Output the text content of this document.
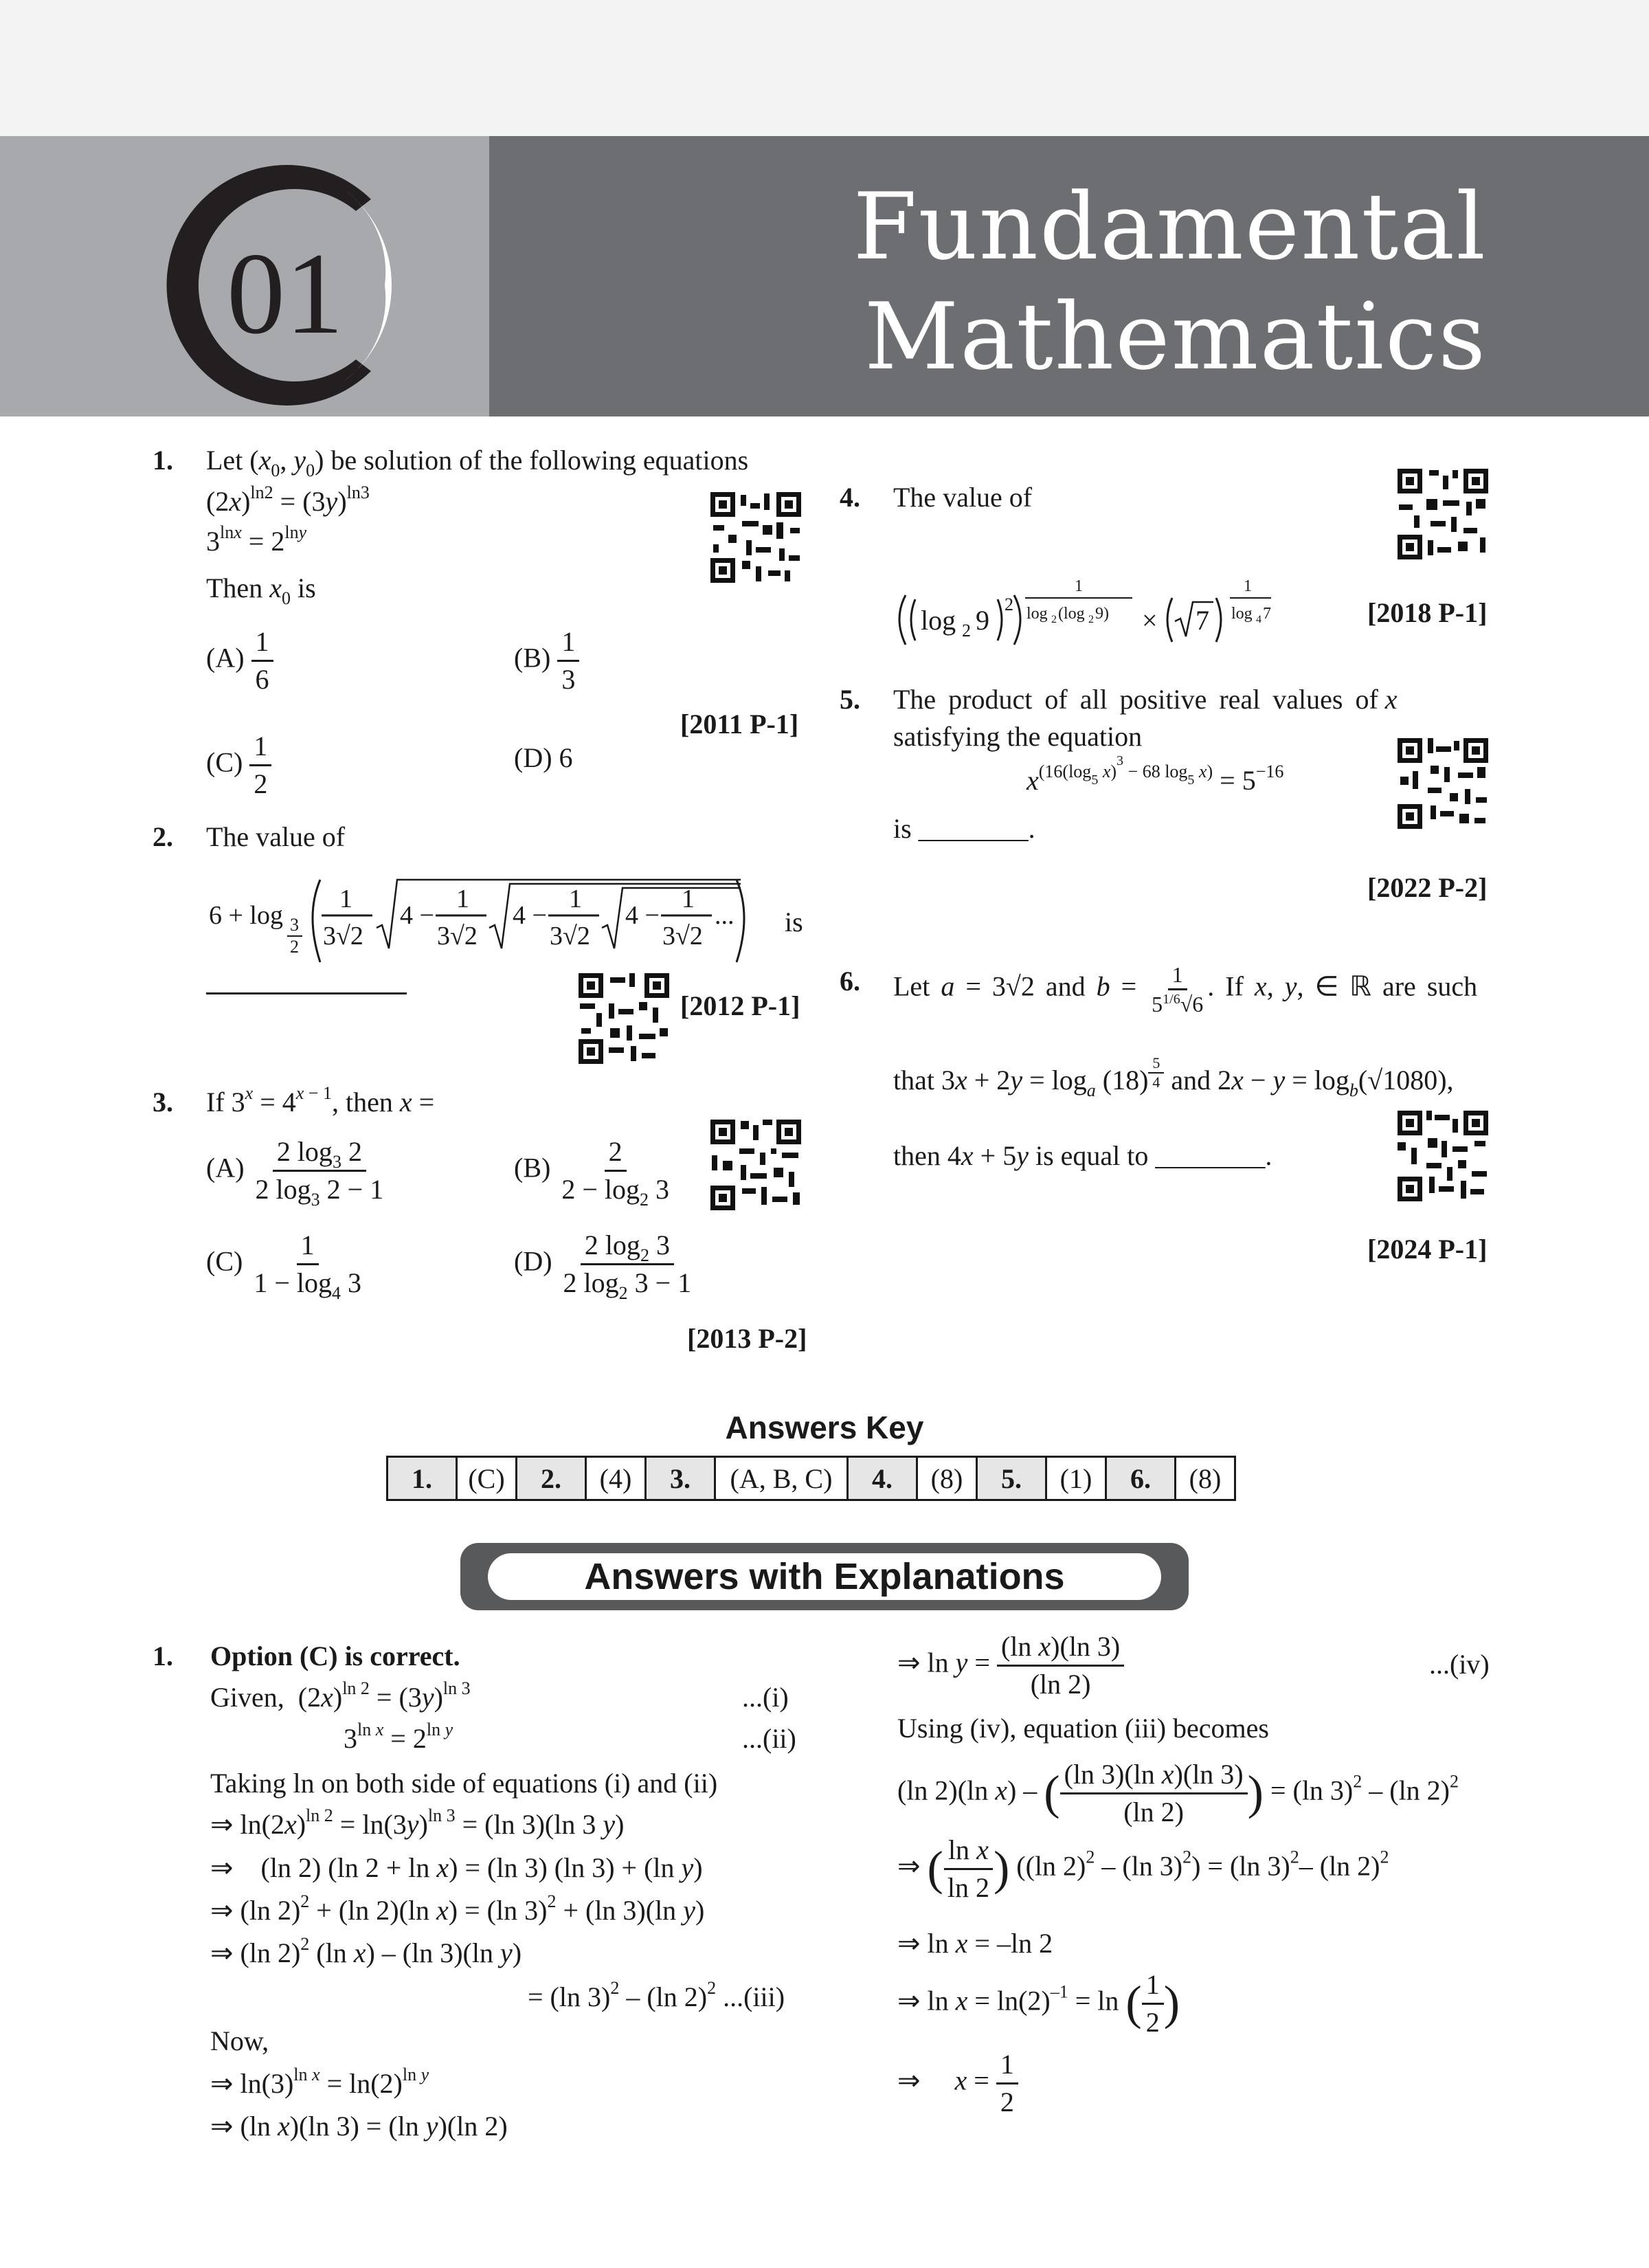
01
Fundamental
Mathematics
1. Let ($x_0$, $y_0$) be solution of the following equations
$(2x)^{ln2} = (3y)^{ln3}$
$3^{lnx} = 2^{lny}$
Then $x_0$ is
$(A) \frac{1}{6}$	$(B) \frac{1}{3}$
[2011 P-1]
$(C) \frac{1}{2}$	(D) 6
2. The value of
6 + log 3
2
1
3√2
4 −
1
3√2
4 −
1
3√2
4 −
1
3√2
... is
[2012 P-1]
3. If $3^x = 4^{x - 1}$, then x =
$(A) \frac{2 \log_3 2}{2 \log_3 2 - 1}$	$(B) \frac{2}{2 - \log_2 3}$
$(C) \frac{1}{1 - \log_4 3}$	$(D) \frac{2 \log_2 3}{2 \log_2 3 - 1}$
[2013 P-2]
4. The value of
log 2 9
2
1
log 2 (log 2 9) × 7
1
log 4 7	[2018 P-1]
5. The product of all positive real values of x
satisfying the equation
$x^{(16(log_5 x)^3 - 68 log_5 x)} = 5^{-16}$
is ________.
[2022 P-2]
6. Let a = 3√2 and $b = \frac{1}{5^{1/6}√6}$ . If x, y, ∈ ℝ are such
that $3x + 2y = \log_a (18)$ $^{\frac{5}{4}}$ and $2x - y = \log_b(√1080)$,
then 4x + 5y is equal to ________.
[2024 P-1]
Answers Key
1.	(C)	2.	(4)	3.	(A, B, C)	4.	(8)	5.	(1)	6.	(8)
Answers with Explanations
1. Option (C) is correct.
Given,  $(2x)^{ln 2} = (3y)^{ln 3}$	...(i)
$3^{ln x} = 2^{ln y}$	...(ii)
Taking ln on both side of equations (i) and (ii)
⇒ $\ln(2x)^{ln 2} = \ln(3y)^{ln 3} = (\ln$ 3)(ln 3 y)
⇒    (ln 2) (ln 2 + ln x) = (ln 3) (ln 3) + (ln y)
⇒ (ln 2)$^2$ + (ln 2)(ln x) = (ln 3)$^2$ + (ln 3)(ln y)
⇒ (ln 2)$^2$ (ln x) – (ln 3)(ln y)
= (ln 3)$^2$ – (ln 2)$^2$ ...(iii)
Now,
⇒ $\ln(3)^{ln x} = \ln(2)^{ln y}$
⇒ (ln x)(ln 3) = (ln y)(ln 2)
⇒ $\ln y = \frac{\text{(ln x)(ln 3)}}{(\ln 2)}$	...(iv)
Using (iv), equation (iii) becomes
(ln 2)(ln x) – ( $\frac{\text{(ln 3)(ln x)(ln 3)}}{(\ln 2)}$ ) = (ln 3)$^2$ – (ln 2)$^2$
⇒ ( $\frac{\text{ln x}}{\ln 2}$ ) ((ln 2)$^2$ – (ln 3)$^2$) = (ln 3)$^2$– (ln 2)$^2$
⇒ ln x = –ln 2
⇒ $\ln x = \ln(2)^{-1} = \ln$ ( $\frac{1}{2}$ )
⇒     $x = \frac{1}{2}$
